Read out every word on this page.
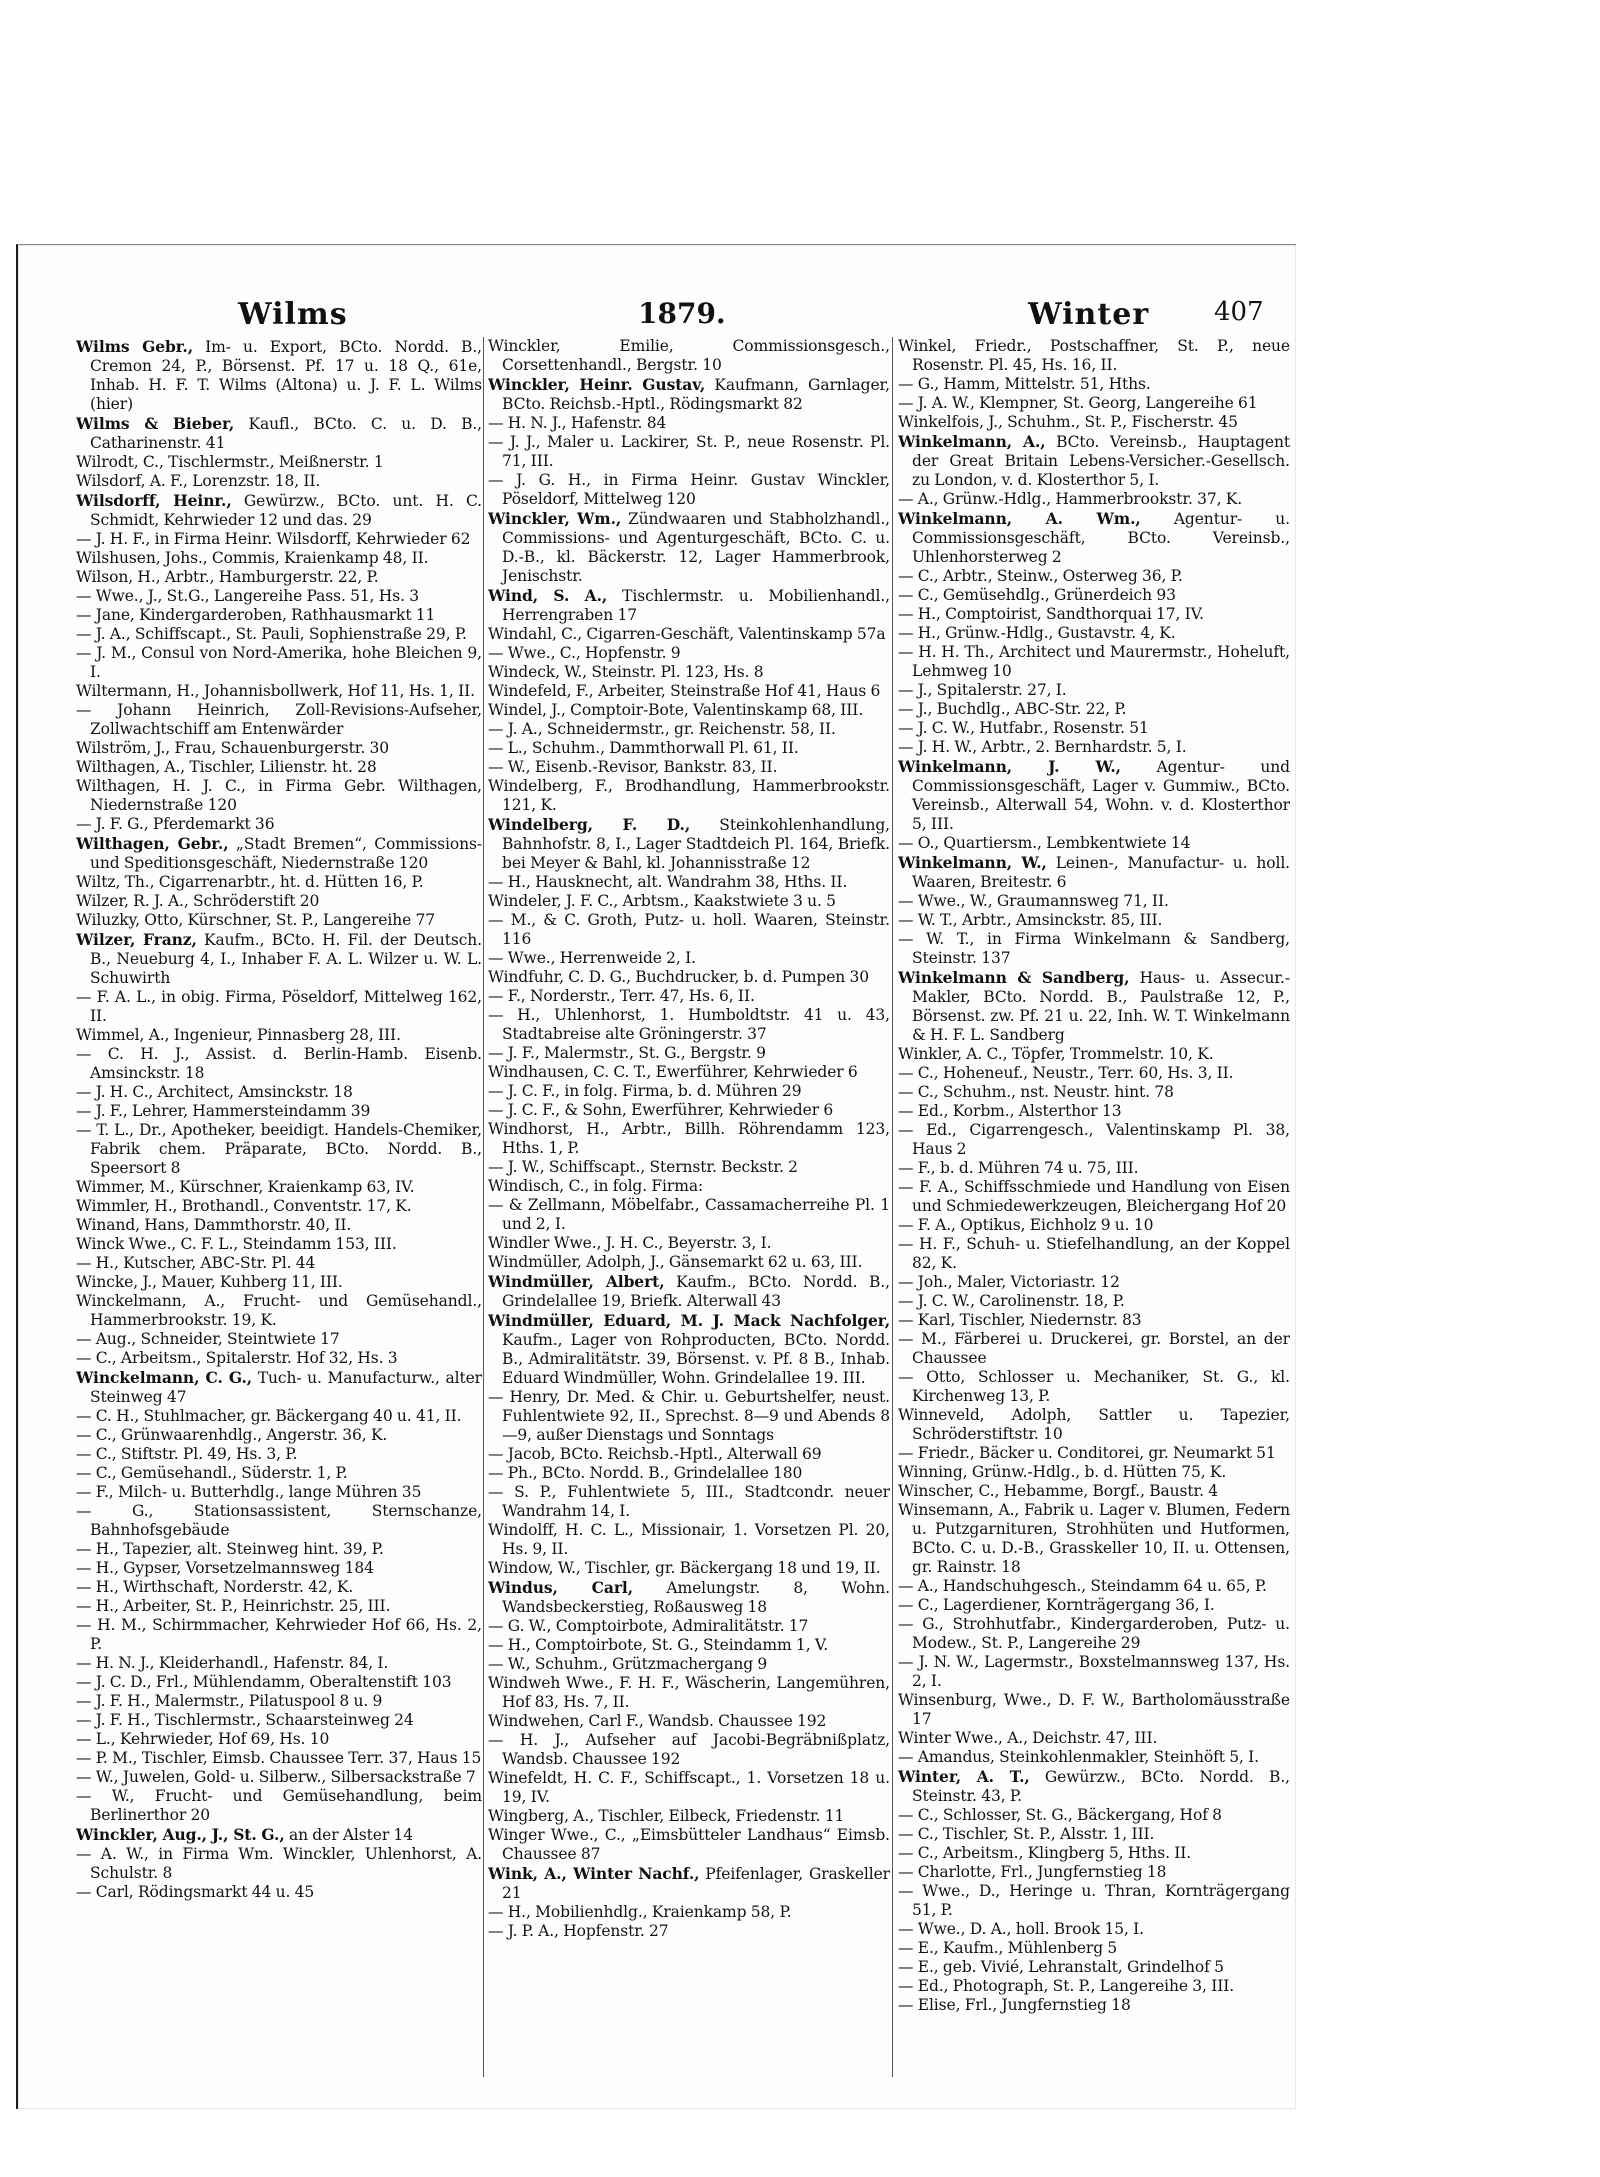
Wilms	1879.	Winter 407

Wilms Gebr., Im- u. Export, BCto. Nordd. B., Cremon 24, P., Börsenst. Pf. 17 u. 18 Q., 61e, Inhab. H. F. T. Wilms (Altona) u. J. F. L. Wilms (hier)

Wilms & Bieber, Kaufl., BCto. C. u. D. B., Catharinenstr. 41

Wilrodt, C., Tischlermstr., Meißnerstr. 1

Wilsdorf, A. F., Lorenzstr. 18, II.

Wilsdorff, Heinr., Gewürzw., BCto. unt. H. C. Schmidt, Kehrwieder 12 und das. 29

— J. H. F., in Firma Heinr. Wilsdorff, Kehrwieder 62

Wilshusen, Johs., Commis, Kraienkamp 48, II.

Wilson, H., Arbtr., Hamburgerstr. 22, P.

— Wwe., J., St.G., Langereihe Pass. 51, Hs. 3

— Jane, Kindergarderoben, Rathhausmarkt 11

— J. A., Schiffscapt., St. Pauli, Sophienstraße 29, P.

— J. M., Consul von Nord-Amerika, hohe Bleichen 9, I.

Wiltermann, H., Johannisbollwerk, Hof 11, Hs. 1, II.

— Johann Heinrich, Zoll-Revisions-Aufseher, Zollwachtschiff am Entenwärder

Wilström, J., Frau, Schauenburgerstr. 30

Wilthagen, A., Tischler, Lilienstr. ht. 28

Wilthagen, H. J. C., in Firma Gebr. Wilthagen, Niedernstraße 120

— J. F. G., Pferdemarkt 36

Wilthagen, Gebr., „Stadt Bremen“, Commissions- und Speditionsgeschäft, Niedernstraße 120

Wiltz, Th., Cigarrenarbtr., ht. d. Hütten 16, P.

Wilzer, R. J. A., Schröderstift 20

Wiluzky, Otto, Kürschner, St. P., Langereihe 77

Wilzer, Franz, Kaufm., BCto. H. Fil. der Deutsch. B., Neueburg 4, I., Inhaber F. A. L. Wilzer u. W. L. Schuwirth

— F. A. L., in obig. Firma, Pöseldorf, Mittelweg 162, II.

Wimmel, A., Ingenieur, Pinnasberg 28, III.

— C. H. J., Assist. d. Berlin-Hamb. Eisenb. Amsinckstr. 18

— J. H. C., Architect, Amsinckstr. 18

— J. F., Lehrer, Hammersteindamm 39

— T. L., Dr., Apotheker, beeidigt. Handels-Chemiker, Fabrik chem. Präparate, BCto. Nordd. B., Speersort 8

Wimmer, M., Kürschner, Kraienkamp 63, IV.

Wimmler, H., Brothandl., Conventstr. 17, K.

Winand, Hans, Dammthorstr. 40, II.

Winck Wwe., C. F. L., Steindamm 153, III.

— H., Kutscher, ABC-Str. Pl. 44

Wincke, J., Mauer, Kuhberg 11, III.

Winckelmann, A., Frucht- und Gemüsehandl., Hammerbrookstr. 19, K.

— Aug., Schneider, Steintwiete 17

— C., Arbeitsm., Spitalerstr. Hof 32, Hs. 3

Winckelmann, C. G., Tuch- u. Manufacturw., alter Steinweg 47

— C. H., Stuhlmacher, gr. Bäckergang 40 u. 41, II.

— C., Grünwaarenhdlg., Angerstr. 36, K.

— C., Stiftstr. Pl. 49, Hs. 3, P.

— C., Gemüsehandl., Süderstr. 1, P.

— F., Milch- u. Butterhdlg., lange Mühren 35

— G., Stationsassistent, Sternschanze, Bahnhofsgebäude

— H., Tapezier, alt. Steinweg hint. 39, P.

— H., Gypser, Vorsetzelmannsweg 184

— H., Wirthschaft, Norderstr. 42, K.

— H., Arbeiter, St. P., Heinrichstr. 25, III.

— H. M., Schirmmacher, Kehrwieder Hof 66, Hs. 2, P.

— H. N. J., Kleiderhandl., Hafenstr. 84, I.

— J. C. D., Frl., Mühlendamm, Oberaltenstift 103

— J. F. H., Malermstr., Pilatuspool 8 u. 9

— J. F. H., Tischlermstr., Schaarsteinweg 24

— L., Kehrwieder, Hof 69, Hs. 10

— P. M., Tischler, Eimsb. Chaussee Terr. 37, Haus 15

— W., Juwelen, Gold- u. Silberw., Silbersackstraße 7

— W., Frucht- und Gemüsehandlung, beim Berlinerthor 20

Winckler, Aug., J., St. G., an der Alster 14

— A. W., in Firma Wm. Winckler, Uhlenhorst, A. Schulstr. 8

— Carl, Rödingsmarkt 44 u. 45

Winckler, Emilie, Commissionsgesch., Corsettenhandl., Bergstr. 10

Winckler, Heinr. Gustav, Kaufmann, Garnlager, BCto. Reichsb.-Hptl., Rödingsmarkt 82

— H. N. J., Hafenstr. 84

— J. J., Maler u. Lackirer, St. P., neue Rosenstr. Pl. 71, III.

— J. G. H., in Firma Heinr. Gustav Winckler, Pöseldorf, Mittelweg 120

Winckler, Wm., Zündwaaren und Stabholzhandl., Commissions- und Agenturgeschäft, BCto. C. u. D.-B., kl. Bäckerstr. 12, Lager Hammerbrook, Jenischstr.

Wind, S. A., Tischlermstr. u. Mobilienhandl., Herrengraben 17

Windahl, C., Cigarren-Geschäft, Valentinskamp 57a

— Wwe., C., Hopfenstr. 9

Windeck, W., Steinstr. Pl. 123, Hs. 8

Windefeld, F., Arbeiter, Steinstraße Hof 41, Haus 6

Windel, J., Comptoir-Bote, Valentinskamp 68, III.

— J. A., Schneidermstr., gr. Reichenstr. 58, II.

— L., Schuhm., Dammthorwall Pl. 61, II.

— W., Eisenb.-Revisor, Bankstr. 83, II.

Windelberg, F., Brodhandlung, Hammerbrookstr. 121, K.

Windelberg, F. D., Steinkohlenhandlung, Bahnhofstr. 8, I., Lager Stadtdeich Pl. 164, Briefk. bei Meyer & Bahl, kl. Johannisstraße 12

— H., Hausknecht, alt. Wandrahm 38, Hths. II.

Windeler, J. F. C., Arbtsm., Kaakstwiete 3 u. 5

— M., & C. Groth, Putz- u. holl. Waaren, Steinstr. 116

— Wwe., Herrenweide 2, I.

Windfuhr, C. D. G., Buchdrucker, b. d. Pumpen 30

— F., Norderstr., Terr. 47, Hs. 6, II.

— H., Uhlenhorst, 1. Humboldtstr. 41 u. 43, Stadtabreise alte Gröningerstr. 37

— J. F., Malermstr., St. G., Bergstr. 9

Windhausen, C. C. T., Ewerführer, Kehrwieder 6

— J. C. F., in folg. Firma, b. d. Mühren 29

— J. C. F., & Sohn, Ewerführer, Kehrwieder 6

Windhorst, H., Arbtr., Billh. Röhrendamm 123, Hths. 1, P.

— J. W., Schiffscapt., Sternstr. Beckstr. 2

Windisch, C., in folg. Firma:

— & Zellmann, Möbelfabr., Cassamacherreihe Pl. 1 und 2, I.

Windler Wwe., J. H. C., Beyerstr. 3, I.

Windmüller, Adolph, J., Gänsemarkt 62 u. 63, III.

Windmüller, Albert, Kaufm., BCto. Nordd. B., Grindelallee 19, Briefk. Alterwall 43

Windmüller, Eduard, M. J. Mack Nachfolger, Kaufm., Lager von Rohproducten, BCto. Nordd. B., Admiralitätstr. 39, Börsenst. v. Pf. 8 B., Inhab. Eduard Windmüller, Wohn. Grindelallee 19. III.

— Henry, Dr. Med. & Chir. u. Geburtshelfer, neust. Fuhlentwiete 92, II., Sprechst. 8—9 und Abends 8—9, außer Dienstags und Sonntags

— Jacob, BCto. Reichsb.-Hptl., Alterwall 69

— Ph., BCto. Nordd. B., Grindelallee 180

— S. P., Fuhlentwiete 5, III., Stadtcondr. neuer Wandrahm 14, I.

Windolff, H. C. L., Missionair, 1. Vorsetzen Pl. 20, Hs. 9, II.

Window, W., Tischler, gr. Bäckergang 18 und 19, II.

Windus, Carl, Amelungstr. 8, Wohn. Wandsbeckerstieg, Roßausweg 18

— G. W., Comptoirbote, Admiralitätstr. 17

— H., Comptoirbote, St. G., Steindamm 1, V.

— W., Schuhm., Grützmachergang 9

Windweh Wwe., F. H. F., Wäscherin, Langemühren, Hof 83, Hs. 7, II.

Windwehen, Carl F., Wandsb. Chaussee 192

— H. J., Aufseher auf Jacobi-Begräbnißplatz, Wandsb. Chaussee 192

Winefeldt, H. C. F., Schiffscapt., 1. Vorsetzen 18 u. 19, IV.

Wingberg, A., Tischler, Eilbeck, Friedenstr. 11

Winger Wwe., C., „Eimsbütteler Landhaus“ Eimsb. Chaussee 87

Wink, A., Winter Nachf., Pfeifenlager, Graskeller 21

— H., Mobilienhdlg., Kraienkamp 58, P.

— J. P. A., Hopfenstr. 27

Winkel, Friedr., Postschaffner, St. P., neue Rosenstr. Pl. 45, Hs. 16, II.

— G., Hamm, Mittelstr. 51, Hths.

— J. A. W., Klempner, St. Georg, Langereihe 61

Winkelfois, J., Schuhm., St. P., Fischerstr. 45

Winkelmann, A., BCto. Vereinsb., Hauptagent der Great Britain Lebens-Versicher.-Gesellsch. zu London, v. d. Klosterthor 5, I.

— A., Grünw.-Hdlg., Hammerbrookstr. 37, K.

Winkelmann, A. Wm., Agentur- u. Commissionsgeschäft, BCto. Vereinsb., Uhlenhorsterweg 2

— C., Arbtr., Steinw., Osterweg 36, P.

— C., Gemüsehdlg., Grünerdeich 93

— H., Comptoirist, Sandthorquai 17, IV.

— H., Grünw.-Hdlg., Gustavstr. 4, K.

— H. H. Th., Architect und Maurermstr., Hoheluft, Lehmweg 10

— J., Spitalerstr. 27, I.

— J., Buchdlg., ABC-Str. 22, P.

— J. C. W., Hutfabr., Rosenstr. 51

— J. H. W., Arbtr., 2. Bernhardstr. 5, I.

Winkelmann, J. W., Agentur- und Commissionsgeschäft, Lager v. Gummiw., BCto. Vereinsb., Alterwall 54, Wohn. v. d. Klosterthor 5, III.

— O., Quartiersm., Lembkentwiete 14

Winkelmann, W., Leinen-, Manufactur- u. holl. Waaren, Breitestr. 6

— Wwe., W., Graumannsweg 71, II.

— W. T., Arbtr., Amsinckstr. 85, III.

— W. T., in Firma Winkelmann & Sandberg, Steinstr. 137

Winkelmann & Sandberg, Haus- u. Assecur.-Makler, BCto. Nordd. B., Paulstraße 12, P., Börsenst. zw. Pf. 21 u. 22, Inh. W. T. Winkelmann & H. F. L. Sandberg

Winkler, A. C., Töpfer, Trommelstr. 10, K.

— C., Hoheneuf., Neustr., Terr. 60, Hs. 3, II.

— C., Schuhm., nst. Neustr. hint. 78

— Ed., Korbm., Alsterthor 13

— Ed., Cigarrengesch., Valentinskamp Pl. 38, Haus 2

— F., b. d. Mühren 74 u. 75, III.

— F. A., Schiffsschmiede und Handlung von Eisen und Schmiedewerkzeugen, Bleichergang Hof 20

— F. A., Optikus, Eichholz 9 u. 10

— H. F., Schuh- u. Stiefelhandlung, an der Koppel 82, K.

— Joh., Maler, Victoriastr. 12

— J. C. W., Carolinenstr. 18, P.

— Karl, Tischler, Niedernstr. 83

— M., Färberei u. Druckerei, gr. Borstel, an der Chaussee

— Otto, Schlosser u. Mechaniker, St. G., kl. Kirchenweg 13, P.

Winneveld, Adolph, Sattler u. Tapezier, Schröderstiftstr. 10

— Friedr., Bäcker u. Conditorei, gr. Neumarkt 51

Winning, Grünw.-Hdlg., b. d. Hütten 75, K.

Winscher, C., Hebamme, Borgf., Baustr. 4

Winsemann, A., Fabrik u. Lager v. Blumen, Federn u. Putzgarnituren, Strohhüten und Hutformen, BCto. C. u. D.-B., Grasskeller 10, II. u. Ottensen, gr. Rainstr. 18

— A., Handschuhgesch., Steindamm 64 u. 65, P.

— C., Lagerdiener, Kornträgergang 36, I.

— G., Strohhutfabr., Kindergarderoben, Putz- u. Modew., St. P., Langereihe 29

— J. N. W., Lagermstr., Boxstelmannsweg 137, Hs. 2, I.

Winsenburg, Wwe., D. F. W., Bartholomäusstraße 17

Winter Wwe., A., Deichstr. 47, III.

— Amandus, Steinkohlenmakler, Steinhöft 5, I.

Winter, A. T., Gewürzw., BCto. Nordd. B., Steinstr. 43, P.

— C., Schlosser, St. G., Bäckergang, Hof 8

— C., Tischler, St. P., Alsstr. 1, III.

— C., Arbeitsm., Klingberg 5, Hths. II.

— Charlotte, Frl., Jungfernstieg 18

— Wwe., D., Heringe u. Thran, Kornträgergang 51, P.

— Wwe., D. A., holl. Brook 15, I.

— E., Kaufm., Mühlenberg 5

— E., geb. Vivié, Lehranstalt, Grindelhof 5

— Ed., Photograph, St. P., Langereihe 3, III.

— Elise, Frl., Jungfernstieg 18
